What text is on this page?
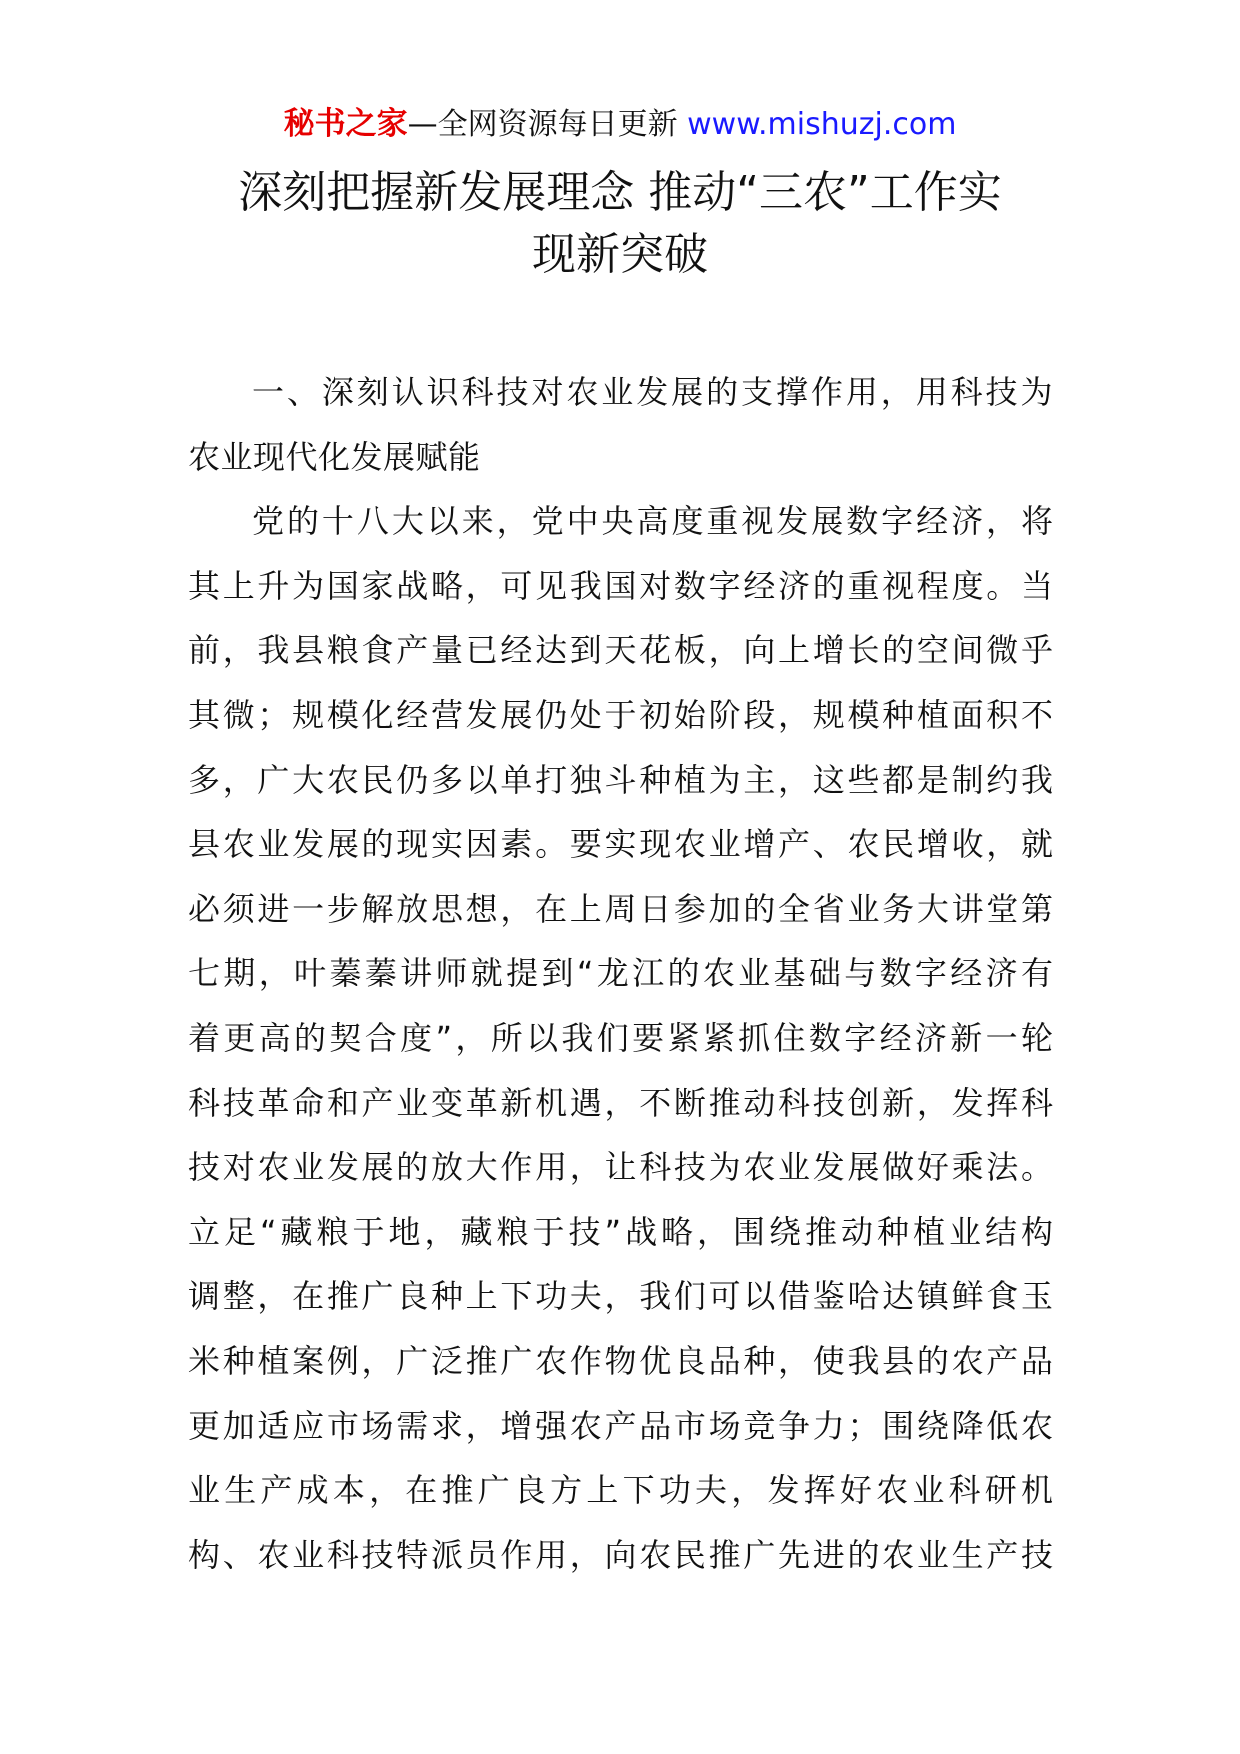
秘书之家—全网资源每日更新 www.mishuzj.com
深刻把握新发展理念 推动“三农”工作实
现新突破
一、深刻认识科技对农业发展的支撑作用，用科技为
农业现代化发展赋能
党的十八大以来，党中央高度重视发展数字经济，将
其上升为国家战略，可见我国对数字经济的重视程度。当
前，我县粮食产量已经达到天花板，向上增长的空间微乎
其微；规模化经营发展仍处于初始阶段，规模种植面积不
多，广大农民仍多以单打独斗种植为主，这些都是制约我
县农业发展的现实因素。要实现农业增产、农民增收，就
必须进一步解放思想，在上周日参加的全省业务大讲堂第
七期，叶蓁蓁讲师就提到“龙江的农业基础与数字经济有
着更高的契合度”，所以我们要紧紧抓住数字经济新一轮
科技革命和产业变革新机遇，不断推动科技创新，发挥科
技对农业发展的放大作用，让科技为农业发展做好乘法。
立足“藏粮于地，藏粮于技”战略，围绕推动种植业结构
调整，在推广良种上下功夫，我们可以借鉴哈达镇鲜食玉
米种植案例，广泛推广农作物优良品种，使我县的农产品
更加适应市场需求，增强农产品市场竞争力；围绕降低农
业生产成本，在推广良方上下功夫，发挥好农业科研机
构、农业科技特派员作用，向农民推广先进的农业生产技
